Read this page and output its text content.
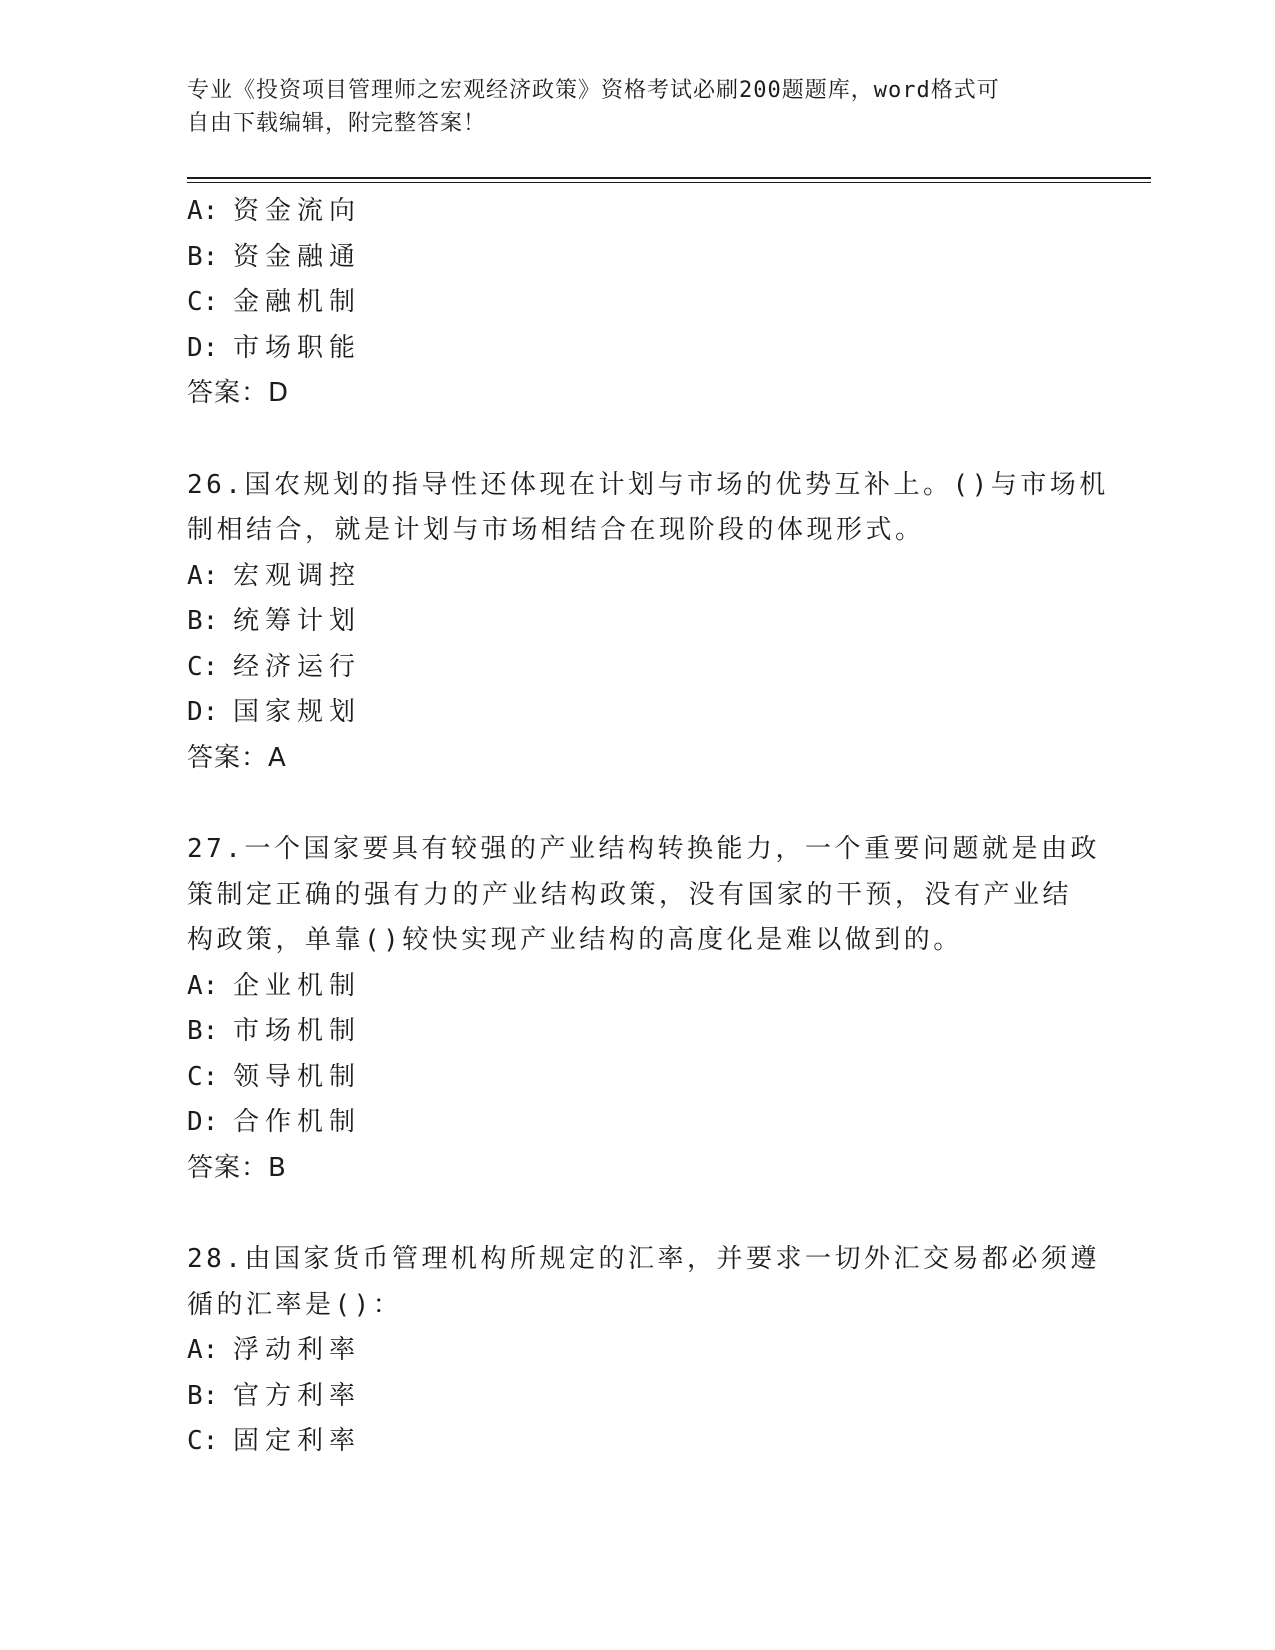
专业《投资项目管理师之宏观经济政策》资格考试必刷200题题库，word格式可
自由下载编辑，附完整答案！
A: 资金流向
B: 资金融通
C: 金融机制
D: 市场职能
答案：D
26.国农规划的指导性还体现在计划与市场的优势互补上。()与市场机
制相结合，就是计划与市场相结合在现阶段的体现形式。
A: 宏观调控
B: 统筹计划
C: 经济运行
D: 国家规划
答案：A
27.一个国家要具有较强的产业结构转换能力，一个重要问题就是由政
策制定正确的强有力的产业结构政策，没有国家的干预，没有产业结
构政策，单靠()较快实现产业结构的高度化是难以做到的。
A: 企业机制
B: 市场机制
C: 领导机制
D: 合作机制
答案：B
28.由国家货币管理机构所规定的汇率，并要求一切外汇交易都必须遵
循的汇率是()：
A: 浮动利率
B: 官方利率
C: 固定利率
